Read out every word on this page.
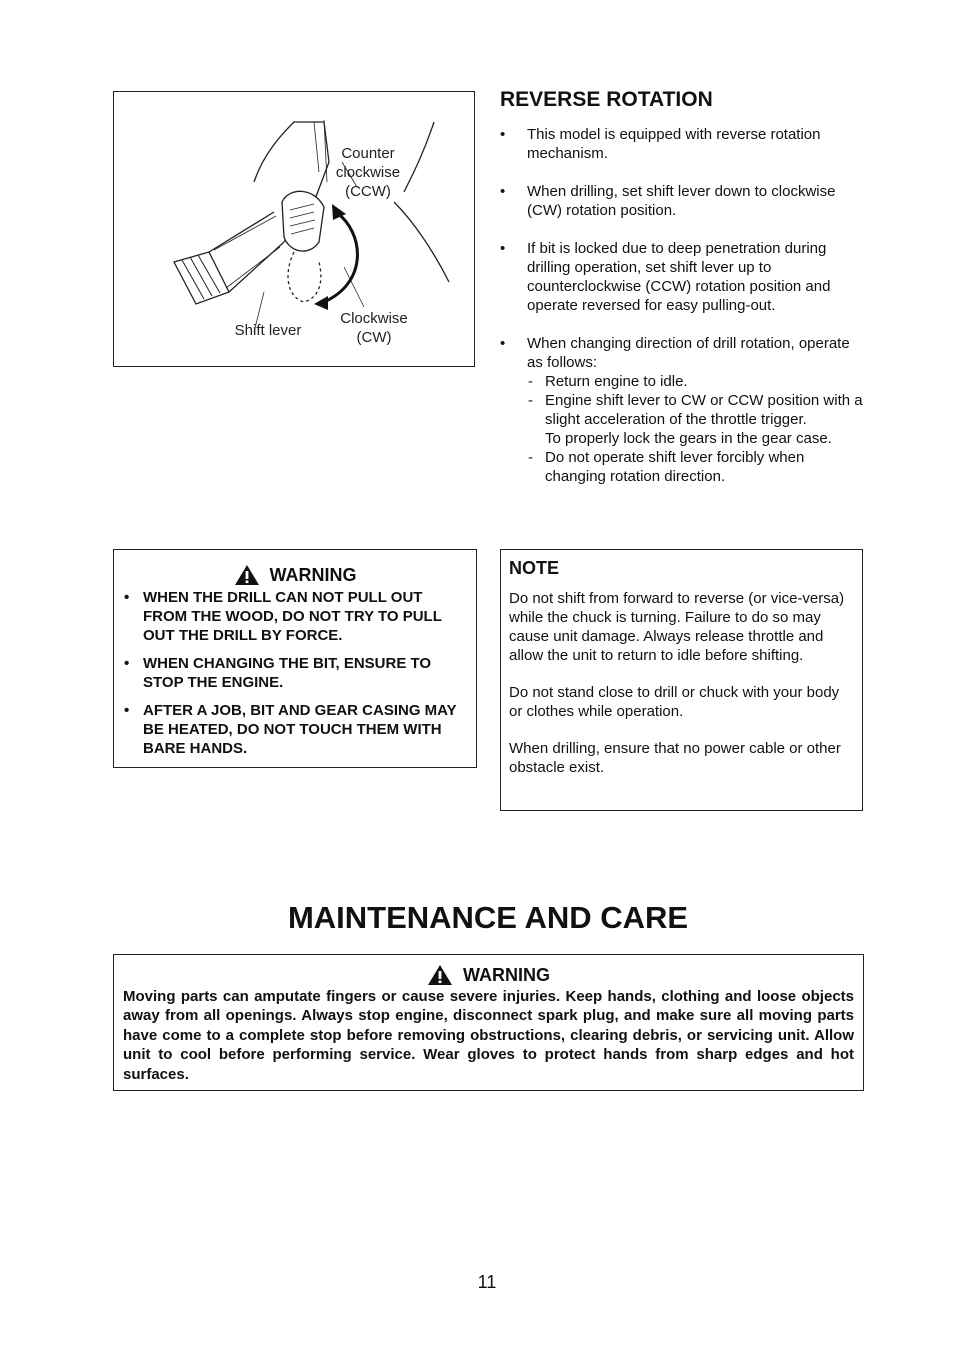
Counter
clockwise
(CCW)
Clockwise
(CW)
Shift lever
REVERSE ROTATION
• This model is equipped with reverse rotation mechanism.
• When drilling, set shift lever down to clockwise (CW) rotation position.
• If bit is locked due to deep penetration during drilling operation, set shift lever up to counterclockwise (CCW) rotation position and operate reversed for easy pulling-out.
• When changing direction of drill rotation, operate as follows:
- Return engine to idle.
- Engine shift lever to CW or CCW position with a slight acceleration of the throttle trigger.
To properly lock the gears in the gear case.
- Do not operate shift lever forcibly when changing rotation direction.
WARNING
• WHEN THE DRILL CAN NOT PULL OUT FROM THE WOOD, DO NOT TRY TO PULL OUT THE DRILL BY FORCE.
• WHEN CHANGING THE BIT, ENSURE TO STOP THE ENGINE.
• AFTER A JOB, BIT AND GEAR CASING MAY BE HEATED, DO NOT TOUCH THEM WITH BARE HANDS.
NOTE

Do not shift from forward to reverse (or vice-versa) while the chuck is turning. Failure to do so may cause unit damage. Always release throttle and allow the unit to return to idle before shifting.

Do not stand close to drill or chuck with your body or clothes while operation.

When drilling, ensure that no power cable or other obstacle exist.

MAINTENANCE AND CARE
WARNING

Moving parts can amputate fingers or cause severe injuries. Keep hands, clothing and loose objects away from all openings. Always stop engine, disconnect spark plug, and make sure all moving parts have come to a complete stop before removing obstructions, clearing debris, or servicing unit. Allow unit to cool before performing service. Wear gloves to protect hands from sharp edges and hot surfaces.

11
